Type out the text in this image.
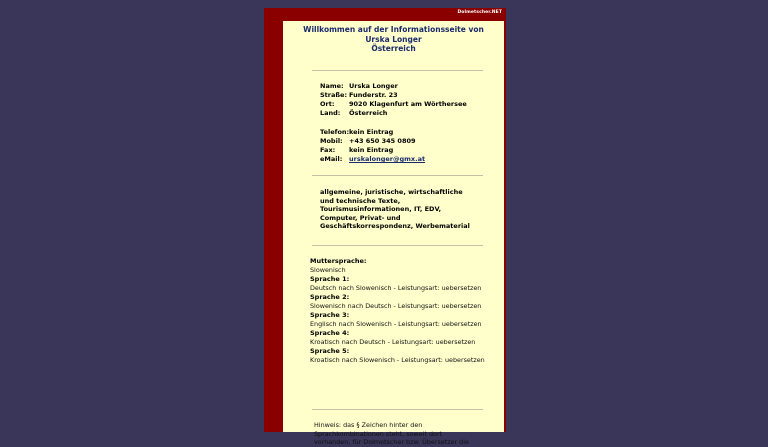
Dolmetscher.NET
Willkommen auf der Informationsseite von
Urska Longer
Österreich
Name: Urska Longer
Straße: Funderstr. 23
Ort: 9020 Klagenfurt am Wörthersee
Land: Österreich
Telefon: kein Eintrag
Mobil: +43 650 345 0809
Fax: kein Eintrag
eMail: urskalonger@gmx.at
allgemeine, juristische, wirtschaftliche und technische Texte, Tourismusinformationen, IT, EDV, Computer, Privat- und Geschäftskorrespondenz, Werbematerial
Muttersprache:
Slowenisch
Sprache 1:
Deutsch nach Slowenisch - Leistungsart: uebersetzen
Sprache 2:
Slowenisch nach Deutsch - Leistungsart: uebersetzen
Sprache 3:
Englisch nach Slowenisch - Leistungsart: uebersetzen
Sprache 4:
Kroatisch nach Deutsch - Leistungsart: uebersetzen
Sprache 5:
Kroatisch nach Slowenisch - Leistungsart: uebersetzen
Hinweis: das § Zeichen hinter den Sprachkombinationen steht, soweit dort vorhanden, für Dolmetscher bzw. Übersetzer die
